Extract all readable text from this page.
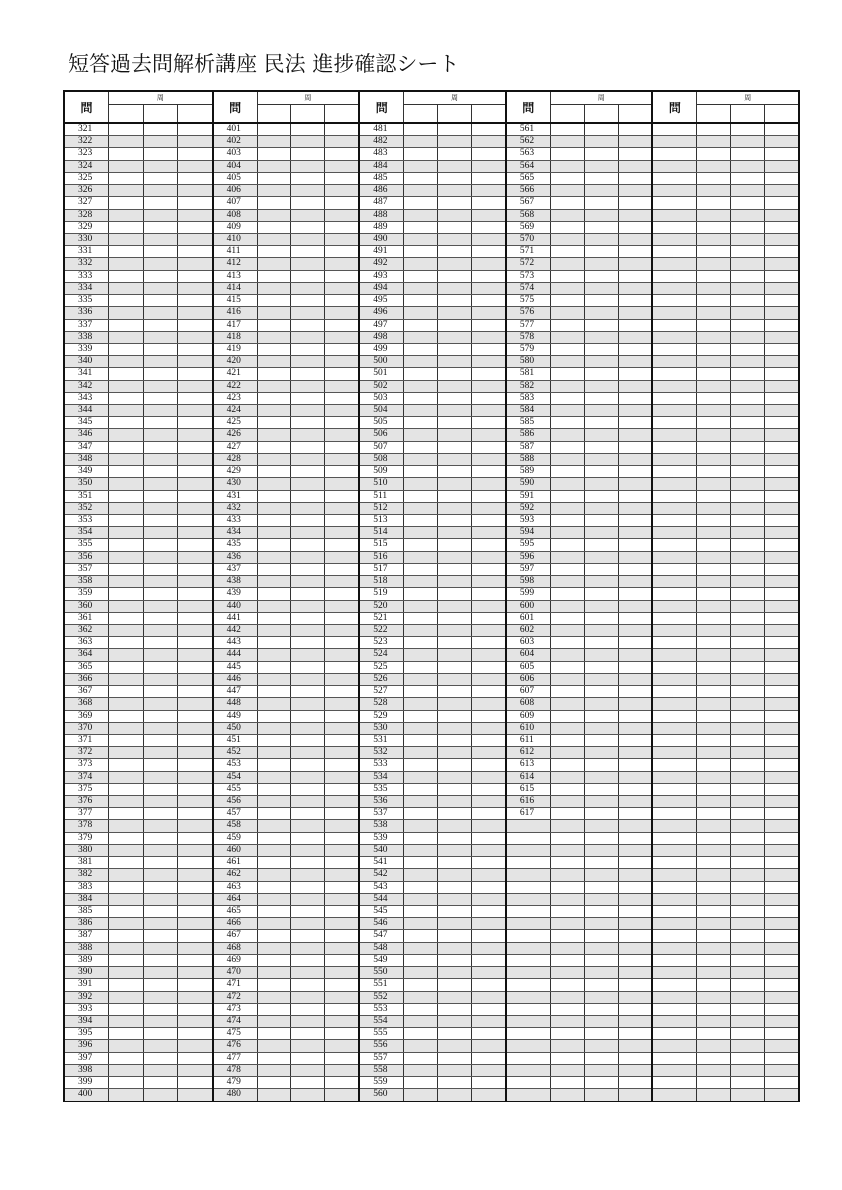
短答過去問解析講座 民法 進捗確認シート
問
周
321
322
323
324
325
326
327
328
329
330
331
332
333
334
335
336
337
338
339
340
341
342
343
344
345
346
347
348
349
350
351
352
353
354
355
356
357
358
359
360
361
362
363
364
365
366
367
368
369
370
371
372
373
374
375
376
377
378
379
380
381
382
383
384
385
386
387
388
389
390
391
392
393
394
395
396
397
398
399
400
問
周
401
402
403
404
405
406
407
408
409
410
411
412
413
414
415
416
417
418
419
420
421
422
423
424
425
426
427
428
429
430
431
432
433
434
435
436
437
438
439
440
441
442
443
444
445
446
447
448
449
450
451
452
453
454
455
456
457
458
459
460
461
462
463
464
465
466
467
468
469
470
471
472
473
474
475
476
477
478
479
480
問
周
481
482
483
484
485
486
487
488
489
490
491
492
493
494
495
496
497
498
499
500
501
502
503
504
505
506
507
508
509
510
511
512
513
514
515
516
517
518
519
520
521
522
523
524
525
526
527
528
529
530
531
532
533
534
535
536
537
538
539
540
541
542
543
544
545
546
547
548
549
550
551
552
553
554
555
556
557
558
559
560
問
周
561
562
563
564
565
566
567
568
569
570
571
572
573
574
575
576
577
578
579
580
581
582
583
584
585
586
587
588
589
590
591
592
593
594
595
596
597
598
599
600
601
602
603
604
605
606
607
608
609
610
611
612
613
614
615
616
617
問
周
